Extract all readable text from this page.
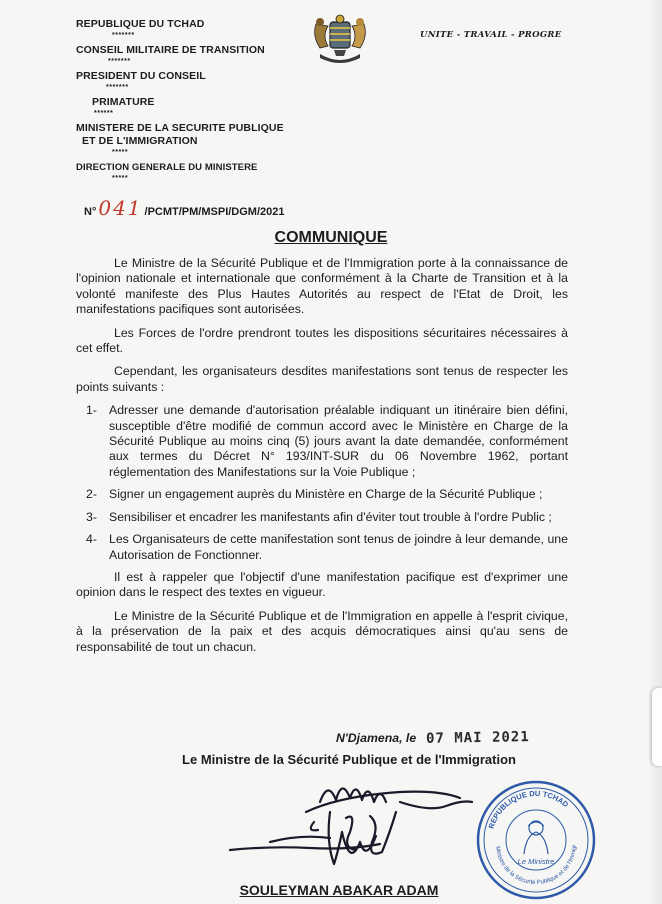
REPUBLIQUE DU TCHAD
*******
CONSEIL MILITAIRE DE TRANSITION
*******
PRESIDENT DU CONSEIL
*******
PRIMATURE
******
MINISTERE DE LA SECURITE PUBLIQUE
ET DE L'IMMIGRATION
*****
DIRECTION GENERALE DU MINISTERE
*****
UNITE - TRAVAIL - PROGRE
N° 041 /PCMT/PM/MSPI/DGM/2021
COMMUNIQUE

Le Ministre de la Sécurité Publique et de l'Immigration porte à la connaissance de l'opinion nationale et internationale que conformément à la Charte de Transition et à la volonté manifeste des Plus Hautes Autorités au respect de l'Etat de Droit, les manifestations pacifiques sont autorisées.

Les Forces de l'ordre prendront toutes les dispositions sécuritaires nécessaires à cet effet.

Cependant, les organisateurs desdites manifestations sont tenus de respecter les points suivants :

1- Adresser une demande d'autorisation préalable indiquant un itinéraire bien défini, susceptible d'être modifié de commun accord avec le Ministère en Charge de la Sécurité Publique au moins cinq (5) jours avant la date demandée, conformément aux termes du Décret N° 193/INT-SUR du 06 Novembre 1962, portant réglementation des Manifestations sur la Voie Publique ;
2- Signer un engagement auprès du Ministère en Charge de la Sécurité Publique ;
3- Sensibiliser et encadrer les manifestants afin d'éviter tout trouble à l'ordre Public ;
4- Les Organisateurs de cette manifestation sont tenus de joindre à leur demande, une Autorisation de Fonctionner.

Il est à rappeler que l'objectif d'une manifestation pacifique est d'exprimer une opinion dans le respect des textes en vigueur.

Le Ministre de la Sécurité Publique et de l'Immigration en appelle à l'esprit civique, à la préservation de la paix et des acquis démocratiques ainsi qu'au sens de responsabilité de tout un chacun.

N'Djamena, le 07 MAI 2021
Le Ministre de la Sécurité Publique et de l'Immigration
REPUBLIQUE DU TCHAD
Ministre de la Sécurité Publique et de l'Immigr
Le Ministre
SOULEYMAN ABAKAR ADAM
